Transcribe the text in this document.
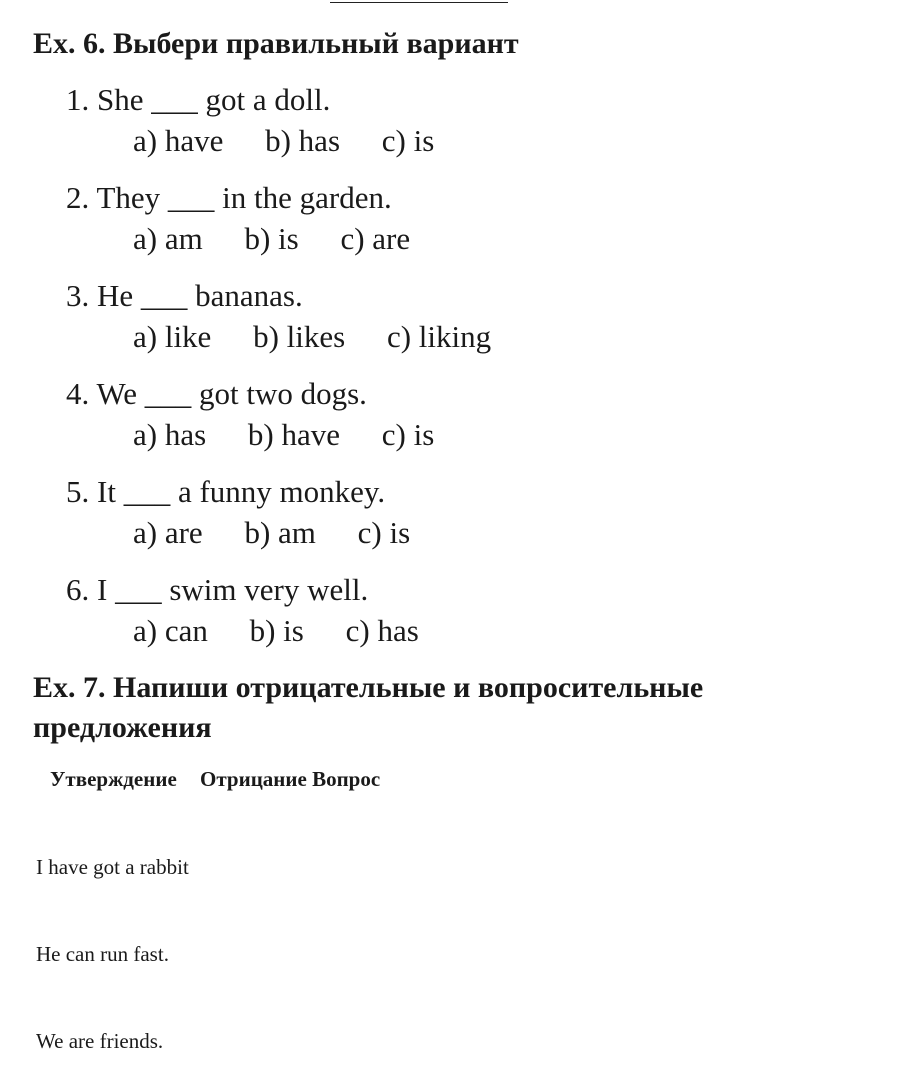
Ex. 6. Выбери правильный вариант
1. She ___ got a doll.
a) have b) has c) is
2. They ___ in the garden.
a) am b) is c) are
3. He ___ bananas.
a) like b) likes c) liking
4. We ___ got two dogs.
a) has b) have c) is
5. It ___ a funny monkey.
a) are b) am c) is
6. I ___ swim very well.
a) can b) is c) has
Ex. 7. Напиши отрицательные и вопросительные предложения
Утверждение Отрицание Вопрос
I have got a rabbit
He can run fast.
We are friends.
